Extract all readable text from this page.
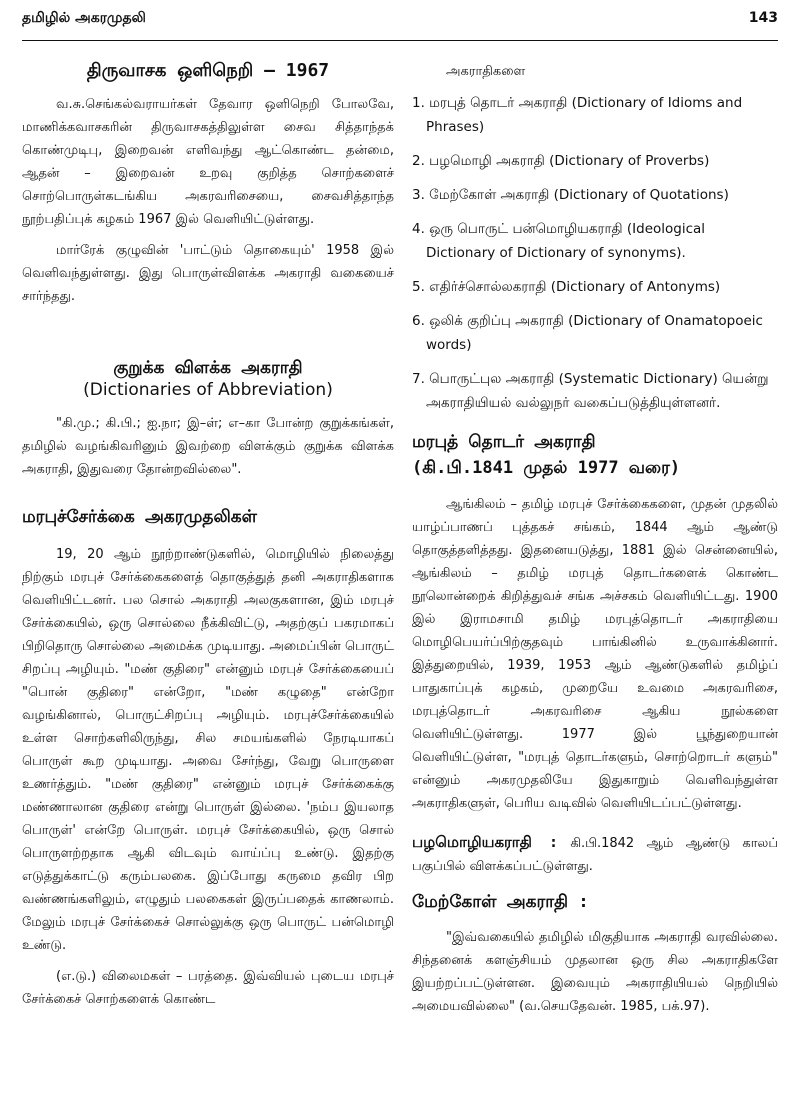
தமிழில் அகரமுதலி	143
திருவாசக ஒளிநெறி – 1967

வ.சு.செங்கல்வராயர்கள் தேவார ஒளிநெறி போலவே, மாணிக்கவாசகரின் திருவாசகத்திலுள்ள சைவ சித்தாந்தக் கொண்முடிபு, இறைவன் எளிவந்து ஆட்கொண்ட தன்மை, ஆதன் – இறைவன் உறவு குறித்த சொற்களைச் சொற்பொருள்கடங்கிய அகரவரிசையை, சைவசித்தாந்த நூற்பதிப்புக் கழகம் 1967 இல் வெளியிட்டுள்ளது.

மார்ரேக் குழுவின் 'பாட்டும் தொகையும்' 1958 இல் வெளிவந்துள்ளது. இது பொருள்விளக்க அகராதி வகையைச் சார்ந்தது.

குறுக்க விளக்க அகராதி
(Dictionaries of Abbreviation)

"கி.மு.; கி.பி.; ஐ.நா; இ–ள்; எ–கா போன்ற குறுக்கங்கள், தமிழில் வழங்கிவரினும் இவற்றை விளக்கும் குறுக்க விளக்க அகராதி, இதுவரை தோன்றவில்லை".

மரபுச்சேர்க்கை அகரமுதலிகள்

19, 20 ஆம் நூற்றாண்டுகளில், மொழியில் நிலைத்து நிற்கும் மரபுச் சேர்க்கைகளைத் தொகுத்துத் தனி அகராதிகளாக வெளியிட்டனர். பல சொல் அகராதி அலகுகளான, இம் மரபுச் சேர்க்கையில், ஒரு சொல்லை நீக்கிவிட்டு, அதற்குப் பகரமாகப் பிறிதொரு சொல்லை அமைக்க முடியாது. அமைப்பின் பொருட் சிறப்பு அழியும். "மண் குதிரை" என்னும் மரபுச் சேர்க்கையைப் "பொன் குதிரை" என்றோ, "மண் கழுதை" என்றோ வழங்கினால், பொருட்சிறப்பு அழியும். மரபுச்சேர்க்கையில் உள்ள சொற்களிலிருந்து, சில சமயங்களில் நேரடியாகப் பொருள் கூற முடியாது. அவை சேர்ந்து, வேறு பொருளை உணர்த்தும். "மண் குதிரை" என்னும் மரபுச் சேர்க்கைக்கு மண்ணாலான குதிரை என்று பொருள் இல்லை. 'நம்ப இயலாத பொருள்' என்றே பொருள். மரபுச் சேர்க்கையில், ஒரு சொல் பொருளற்றதாக ஆகி விடவும் வாய்ப்பு உண்டு. இதற்கு எடுத்துக்காட்டு கரும்பலகை. இப்போது கருமை தவிர பிற வண்ணங்களிலும், எழுதும் பலகைகள் இருப்பதைக் காணலாம். மேலும் மரபுச் சேர்க்கைச் சொல்லுக்கு ஒரு பொருட் பன்மொழி உண்டு.

(எ.டு.) விலைமகள் – பரத்தை. இவ்வியல் புடைய மரபுச் சேர்க்கைச் சொற்களைக் கொண்ட

அகராதிகளை

1. மரபுத் தொடர் அகராதி (Dictionary of Idioms and Phrases)
2. பழமொழி அகராதி (Dictionary of Proverbs)
3. மேற்கோள் அகராதி (Dictionary of Quotations)
4. ஒரு பொருட் பன்மொழியகராதி (Ideological Dictionary of Dictionary of synonyms).
5. எதிர்ச்சொல்லகராதி (Dictionary of Antonyms)
6. ஒலிக் குறிப்பு அகராதி (Dictionary of Onamatopoeic words)
7. பொருட்புல அகராதி (Systematic Dictionary) யென்று அகராதியியல் வல்லுநர் வகைப்படுத்தியுள்ளனர்.
மரபுத் தொடர் அகராதி
(கி.பி.1841 முதல் 1977 வரை)

ஆங்கிலம் – தமிழ் மரபுச் சேர்க்கைகளை, முதன் முதலில் யாழ்ப்பாணப் புத்தகச் சங்கம், 1844 ஆம் ஆண்டு தொகுத்தளித்தது. இதனையடுத்து, 1881 இல் சென்னையில், ஆங்கிலம் – தமிழ் மரபுத் தொடர்களைக் கொண்ட நூலொன்றைக் கிறித்துவச் சங்க அச்சகம் வெளியிட்டது. 1900 இல் இராமசாமி தமிழ் மரபுத்தொடர் அகராதியை மொழிபெயர்ப்பிற்குதவும் பாங்கினில் உருவாக்கினார். இத்துறையில், 1939, 1953 ஆம் ஆண்டுகளில் தமிழ்ப் பாதுகாப்புக் கழகம், முறையே உவமை அகரவரிசை, மரபுத்தொடர் அகரவரிசை ஆகிய நூல்களை வெளியிட்டுள்ளது. 1977 இல் பூந்துறையான் வெளியிட்டுள்ள, "மரபுத் தொடர்களும், சொற்றொடர் களும்" என்னும் அகரமுதலியே இதுகாறும் வெளிவந்துள்ள அகராதிகளுள், பெரிய வடிவில் வெளியிடப்பட்டுள்ளது.

பழமொழியகராதி : கி.பி.1842 ஆம் ஆண்டு காலப் பகுப்பில் விளக்கப்பட்டுள்ளது.

மேற்கோள் அகராதி :

"இவ்வகையில் தமிழில் மிகுதியாக அகராதி வரவில்லை. சிந்தனைக் களஞ்சியம் முதலான ஒரு சில அகராதிகளே இயற்றப்பட்டுள்ளன. இவையும் அகராதியியல் நெறியில் அமையவில்லை" (வ.செயதேவன். 1985, பக்.97).
